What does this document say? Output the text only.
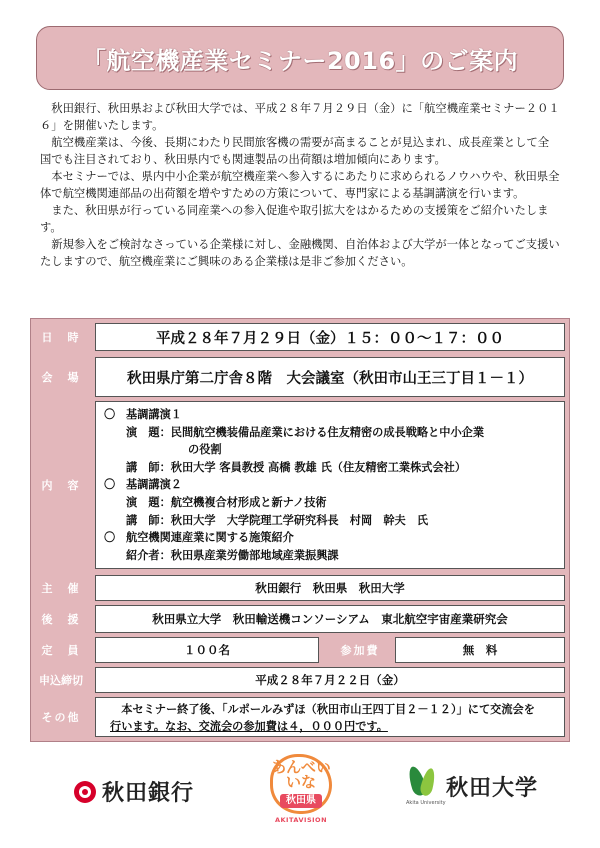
「航空機産業セミナー2016」のご案内

秋田銀行、秋田県および秋田大学では、平成２８年７月２９日（金）に「航空機産業セミナー２０１６」を開催いたします。

航空機産業は、今後、長期にわたり民間旅客機の需要が高まることが見込まれ、成長産業として全国でも注目されており、秋田県内でも関連製品の出荷額は増加傾向にあります。

本セミナーでは、県内中小企業が航空機産業へ参入するにあたりに求められるノウハウや、秋田県全体で航空機関連部品の出荷額を増やすための方策について、専門家による基調講演を行います。

また、秋田県が行っている同産業への参入促進や取引拡大をはかるための支援策をご紹介いたします。

新規参入をご検討なさっている企業様に対し、金融機関、自治体および大学が一体となってご支援いたしますので、航空機産業にご興味のある企業様は是非ご参加ください。

日　時	平成２８年７月２９日（金）１５：００～１７：００
会　場	秋田県庁第二庁舎８階　大会議室（秋田市山王三丁目１－１）
内　容
〇 基調講演１
演　題： 民間航空機装備品産業における住友精密の成長戦略と中小企業
の役割
講　師： 秋田大学 客員教授 高橋 教雄 氏（住友精密工業株式会社）
〇 基調講演２
演　題： 航空機複合材形成と新ナノ技術
講　師： 秋田大学　大学院理工学研究科長　村岡　幹夫　氏
〇 航空機関連産業に関する施策紹介
紹介者： 秋田県産業労働部地域産業振興課
主　催	秋田銀行　秋田県　秋田大学
後　援	秋田県立大学　秋田輸送機コンソーシアム　東北航空宇宙産業研究会
定　員	１００名	参加費	無　料
申込締切	平成２８年７月２２日（金）
その他
本セミナー終了後、「ルポールみずほ（秋田市山王四丁目２－１２）」にて交流会を
行います。なお、交流会の参加費は４，０００円です。
秋田銀行
あんべいいな
秋田県
AKITAVISION
Akita University
秋田大学
